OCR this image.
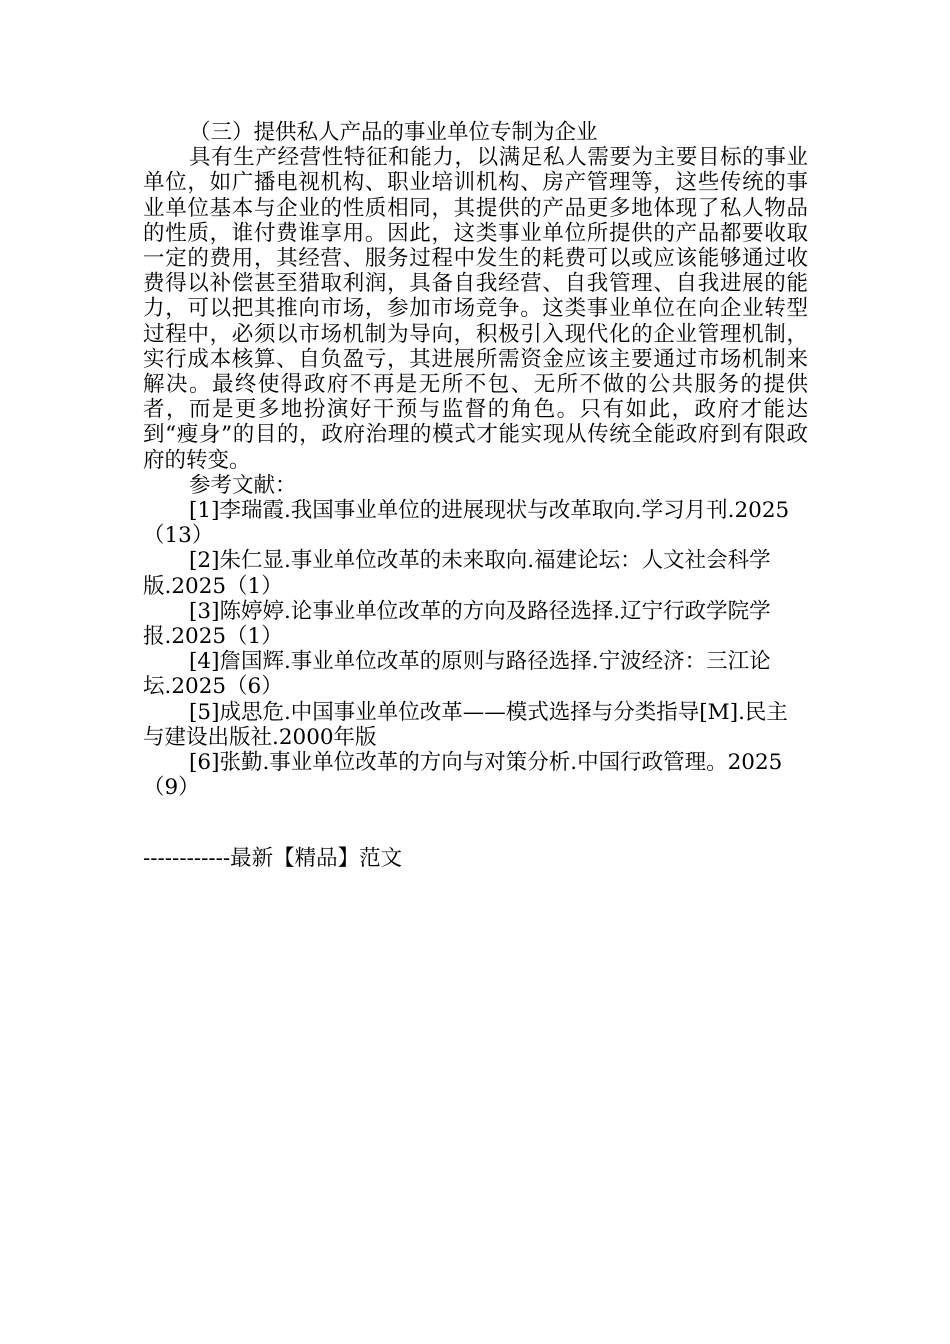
（三）提供私人产品的事业单位专制为企业

具有生产经营性特征和能力，以满足私人需要为主要目标的事业单位，如广播电视机构、职业培训机构、房产管理等，这些传统的事业单位基本与企业的性质相同，其提供的产品更多地体现了私人物品的性质，谁付费谁享用。因此，这类事业单位所提供的产品都要收取一定的费用，其经营、服务过程中发生的耗费可以或应该能够通过收费得以补偿甚至猎取利润，具备自我经营、自我管理、自我进展的能力，可以把其推向市场，参加市场竞争。这类事业单位在向企业转型过程中，必须以市场机制为导向，积极引入现代化的企业管理机制，实行成本核算、自负盈亏，其进展所需资金应该主要通过市场机制来解决。最终使得政府不再是无所不包、无所不做的公共服务的提供者，而是更多地扮演好干预与监督的角色。只有如此，政府才能达到“瘦身”的目的，政府治理的模式才能实现从传统全能政府到有限政府的转变。

参考文献：

[1]李瑞霞.我国事业单位的进展现状与改革取向.学习月刊.2025（13）

[2]朱仁显.事业单位改革的未来取向.福建论坛：人文社会科学版.2025（1）

[3]陈婷婷.论事业单位改革的方向及路径选择.辽宁行政学院学报.2025（1）

[4]詹国辉.事业单位改革的原则与路径选择.宁波经济：三江论坛.2025（6）

[5]成思危.中国事业单位改革——模式选择与分类指导[M].民主与建设出版社.2000年版

[6]张勤.事业单位改革的方向与对策分析.中国行政管理。2025（9）

------------最新【精品】范文
